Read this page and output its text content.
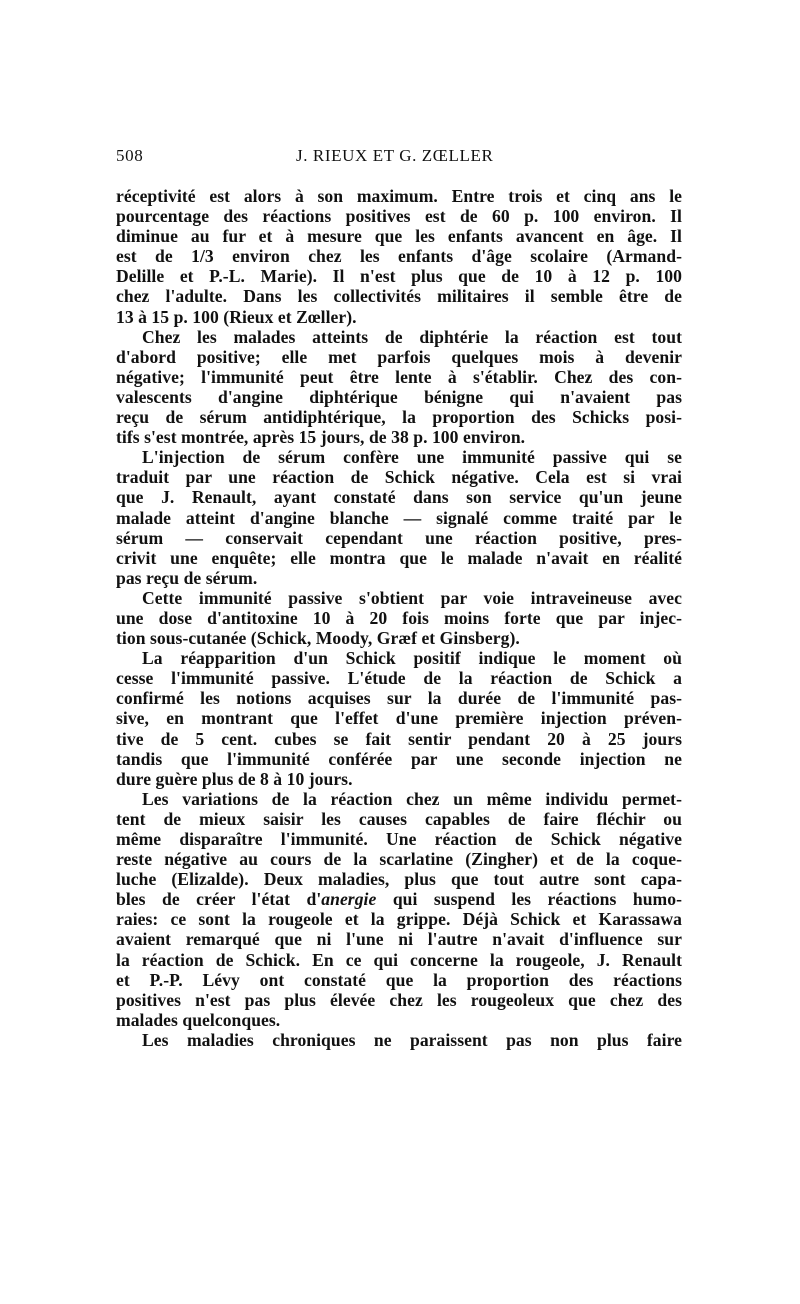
508	J. RIEUX ET G. ZŒLLER
réceptivité est alors à son maximum. Entre trois et cinq ans le
pourcentage des réactions positives est de 60 p. 100 environ. Il
diminue au fur et à mesure que les enfants avancent en âge. Il
est de 1/3 environ chez les enfants d'âge scolaire (Armand-
Delille et P.-L. Marie). Il n'est plus que de 10 à 12 p. 100
chez l'adulte. Dans les collectivités militaires il semble être de
13 à 15 p. 100 (Rieux et Zœller).
Chez les malades atteints de diphtérie la réaction est tout
d'abord positive; elle met parfois quelques mois à devenir
négative; l'immunité peut être lente à s'établir. Chez des con-
valescents d'angine diphtérique bénigne qui n'avaient pas
reçu de sérum antidiphtérique, la proportion des Schicks posi-
tifs s'est montrée, après 15 jours, de 38 p. 100 environ.
L'injection de sérum confère une immunité passive qui se
traduit par une réaction de Schick négative. Cela est si vrai
que J. Renault, ayant constaté dans son service qu'un jeune
malade atteint d'angine blanche — signalé comme traité par le
sérum — conservait cependant une réaction positive, pres-
crivit une enquête; elle montra que le malade n'avait en réalité
pas reçu de sérum.
Cette immunité passive s'obtient par voie intraveineuse avec
une dose d'antitoxine 10 à 20 fois moins forte que par injec-
tion sous-cutanée (Schick, Moody, Græf et Ginsberg).
La réapparition d'un Schick positif indique le moment où
cesse l'immunité passive. L'étude de la réaction de Schick a
confirmé les notions acquises sur la durée de l'immunité pas-
sive, en montrant que l'effet d'une première injection préven-
tive de 5 cent. cubes se fait sentir pendant 20 à 25 jours
tandis que l'immunité conférée par une seconde injection ne
dure guère plus de 8 à 10 jours.
Les variations de la réaction chez un même individu permet-
tent de mieux saisir les causes capables de faire fléchir ou
même disparaître l'immunité. Une réaction de Schick négative
reste négative au cours de la scarlatine (Zingher) et de la coque-
luche (Elizalde). Deux maladies, plus que tout autre sont capa-
bles de créer l'état d'anergie qui suspend les réactions humo-
raies: ce sont la rougeole et la grippe. Déjà Schick et Karassawa
avaient remarqué que ni l'une ni l'autre n'avait d'influence sur
la réaction de Schick. En ce qui concerne la rougeole, J. Renault
et P.-P. Lévy ont constaté que la proportion des réactions
positives n'est pas plus élevée chez les rougeoleux que chez des
malades quelconques.
Les maladies chroniques ne paraissent pas non plus faire
